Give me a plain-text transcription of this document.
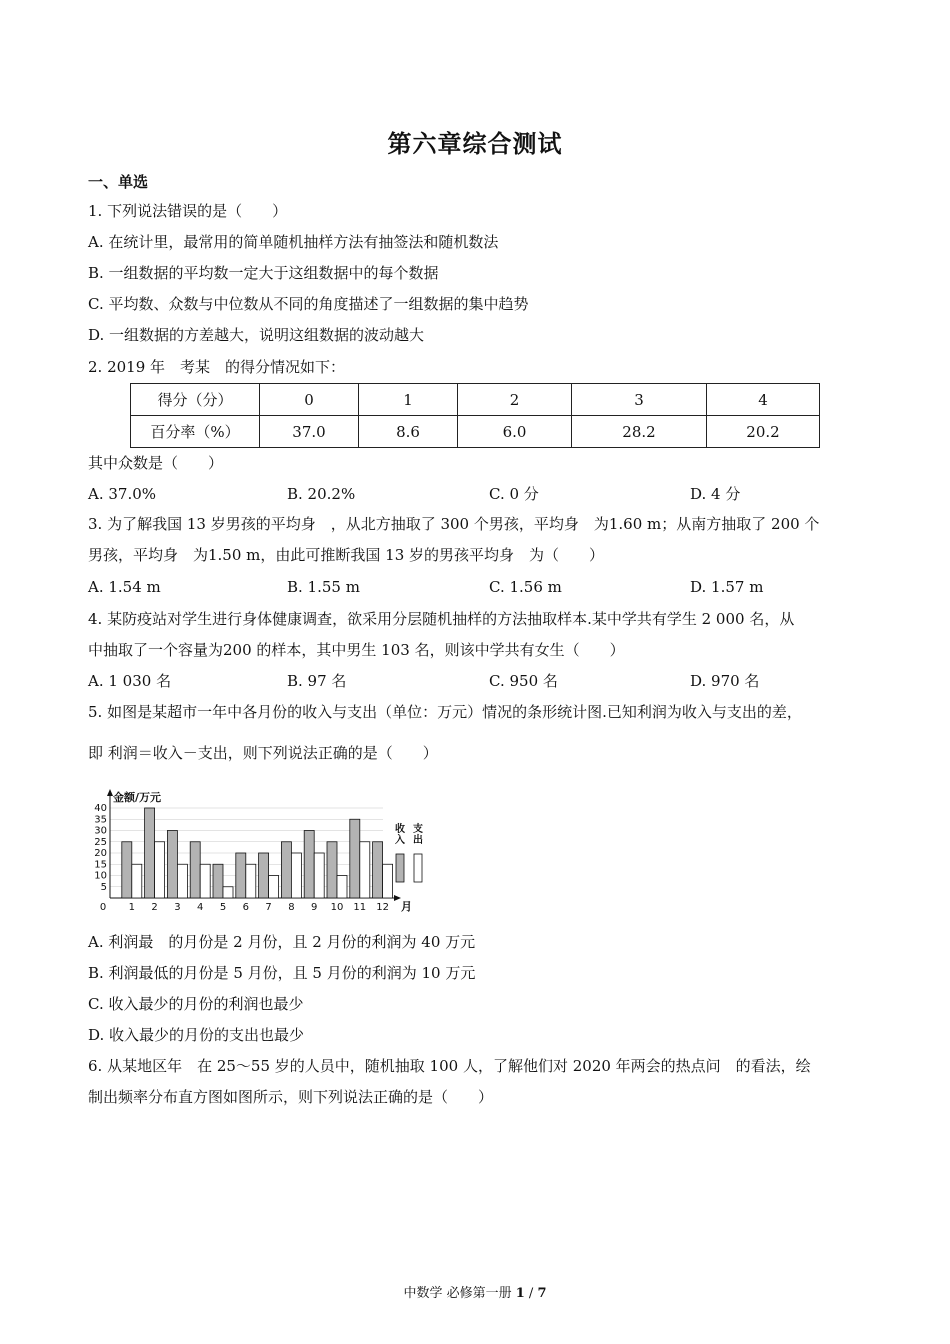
第六章综合测试
一、单选
1. 下列说法错误的是（　　）
A. 在统计里，最常用的简单随机抽样方法有抽签法和随机数法
B. 一组数据的平均数一定大于这组数据中的每个数据
C. 平均数、众数与中位数从不同的角度描述了一组数据的集中趋势
D. 一组数据的方差越大，说明这组数据的波动越大
2. 2019 年　考某　的得分情况如下：
得分（分）	0	1	2	3	4
百分率（%）	37.0	8.6	6.0	28.2	20.2
其中众数是（　　）
A. 37.0%	B. 20.2%	C. 0 分	D. 4 分
3. 为了解我国 13 岁男孩的平均身　，从北方抽取了 300 个男孩，平均身　为1.60 m；从南方抽取了 200 个
男孩，平均身　为1.50 m，由此可推断我国 13 岁的男孩平均身　为（　　）
A. 1.54 m	B. 1.55 m	C. 1.56 m	D. 1.57 m
4. 某防疫站对学生进行身体健康调查，欲采用分层随机抽样的方法抽取样本.某中学共有学生 2 000 名，从
中抽取了一个容量为200 的样本，其中男生 103 名，则该中学共有女生（　　）
A. 1 030 名	B. 97 名	C. 950 名	D. 970 名
5. 如图是某超市一年中各月份的收入与支出（单位：万元）情况的条形统计图.已知利润为收入与支出的差，
即 利润＝收入－支出，则下列说法正确的是（　　）
40
35
30
25
20
15
10
5
金额/万元
月
0 1 2 3 4 5 6 7 8 9 10 11 12
收
入
支
出
A. 利润最　的月份是 2 月份，且 2 月份的利润为 40 万元
B. 利润最低的月份是 5 月份，且 5 月份的利润为 10 万元
C. 收入最少的月份的利润也最少
D. 收入最少的月份的支出也最少
6. 从某地区年　在 25～55 岁的人员中，随机抽取 100 人，了解他们对 2020 年两会的热点问　的看法，绘
制出频率分布直方图如图所示，则下列说法正确的是（　　）
中数学 必修第一册 1 / 7
